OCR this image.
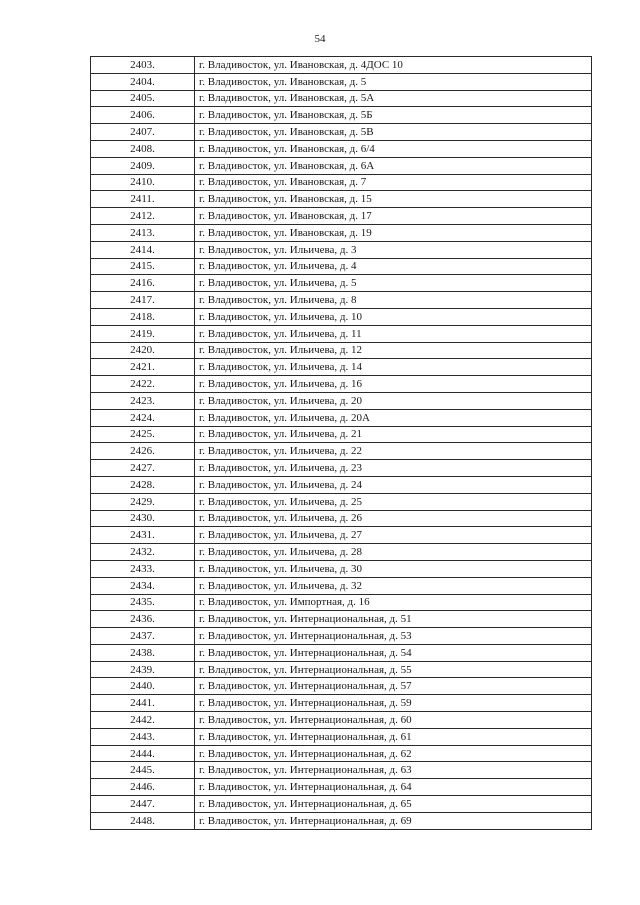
54
2403.	г. Владивосток, ул. Ивановская, д. 4ДОС 10
2404.	г. Владивосток, ул. Ивановская, д. 5
2405.	г. Владивосток, ул. Ивановская, д. 5А
2406.	г. Владивосток, ул. Ивановская, д. 5Б
2407.	г. Владивосток, ул. Ивановская, д. 5В
2408.	г. Владивосток, ул. Ивановская, д. 6/4
2409.	г. Владивосток, ул. Ивановская, д. 6А
2410.	г. Владивосток, ул. Ивановская, д. 7
2411.	г. Владивосток, ул. Ивановская, д. 15
2412.	г. Владивосток, ул. Ивановская, д. 17
2413.	г. Владивосток, ул. Ивановская, д. 19
2414.	г. Владивосток, ул. Ильичева, д. 3
2415.	г. Владивосток, ул. Ильичева, д. 4
2416.	г. Владивосток, ул. Ильичева, д. 5
2417.	г. Владивосток, ул. Ильичева, д. 8
2418.	г. Владивосток, ул. Ильичева, д. 10
2419.	г. Владивосток, ул. Ильичева, д. 11
2420.	г. Владивосток, ул. Ильичева, д. 12
2421.	г. Владивосток, ул. Ильичева, д. 14
2422.	г. Владивосток, ул. Ильичева, д. 16
2423.	г. Владивосток, ул. Ильичева, д. 20
2424.	г. Владивосток, ул. Ильичева, д. 20А
2425.	г. Владивосток, ул. Ильичева, д. 21
2426.	г. Владивосток, ул. Ильичева, д. 22
2427.	г. Владивосток, ул. Ильичева, д. 23
2428.	г. Владивосток, ул. Ильичева, д. 24
2429.	г. Владивосток, ул. Ильичева, д. 25
2430.	г. Владивосток, ул. Ильичева, д. 26
2431.	г. Владивосток, ул. Ильичева, д. 27
2432.	г. Владивосток, ул. Ильичева, д. 28
2433.	г. Владивосток, ул. Ильичева, д. 30
2434.	г. Владивосток, ул. Ильичева, д. 32
2435.	г. Владивосток, ул. Импортная, д. 16
2436.	г. Владивосток, ул. Интернациональная, д. 51
2437.	г. Владивосток, ул. Интернациональная, д. 53
2438.	г. Владивосток, ул. Интернациональная, д. 54
2439.	г. Владивосток, ул. Интернациональная, д. 55
2440.	г. Владивосток, ул. Интернациональная, д. 57
2441.	г. Владивосток, ул. Интернациональная, д. 59
2442.	г. Владивосток, ул. Интернациональная, д. 60
2443.	г. Владивосток, ул. Интернациональная, д. 61
2444.	г. Владивосток, ул. Интернациональная, д. 62
2445.	г. Владивосток, ул. Интернациональная, д. 63
2446.	г. Владивосток, ул. Интернациональная, д. 64
2447.	г. Владивосток, ул. Интернациональная, д. 65
2448.	г. Владивосток, ул. Интернациональная, д. 69
